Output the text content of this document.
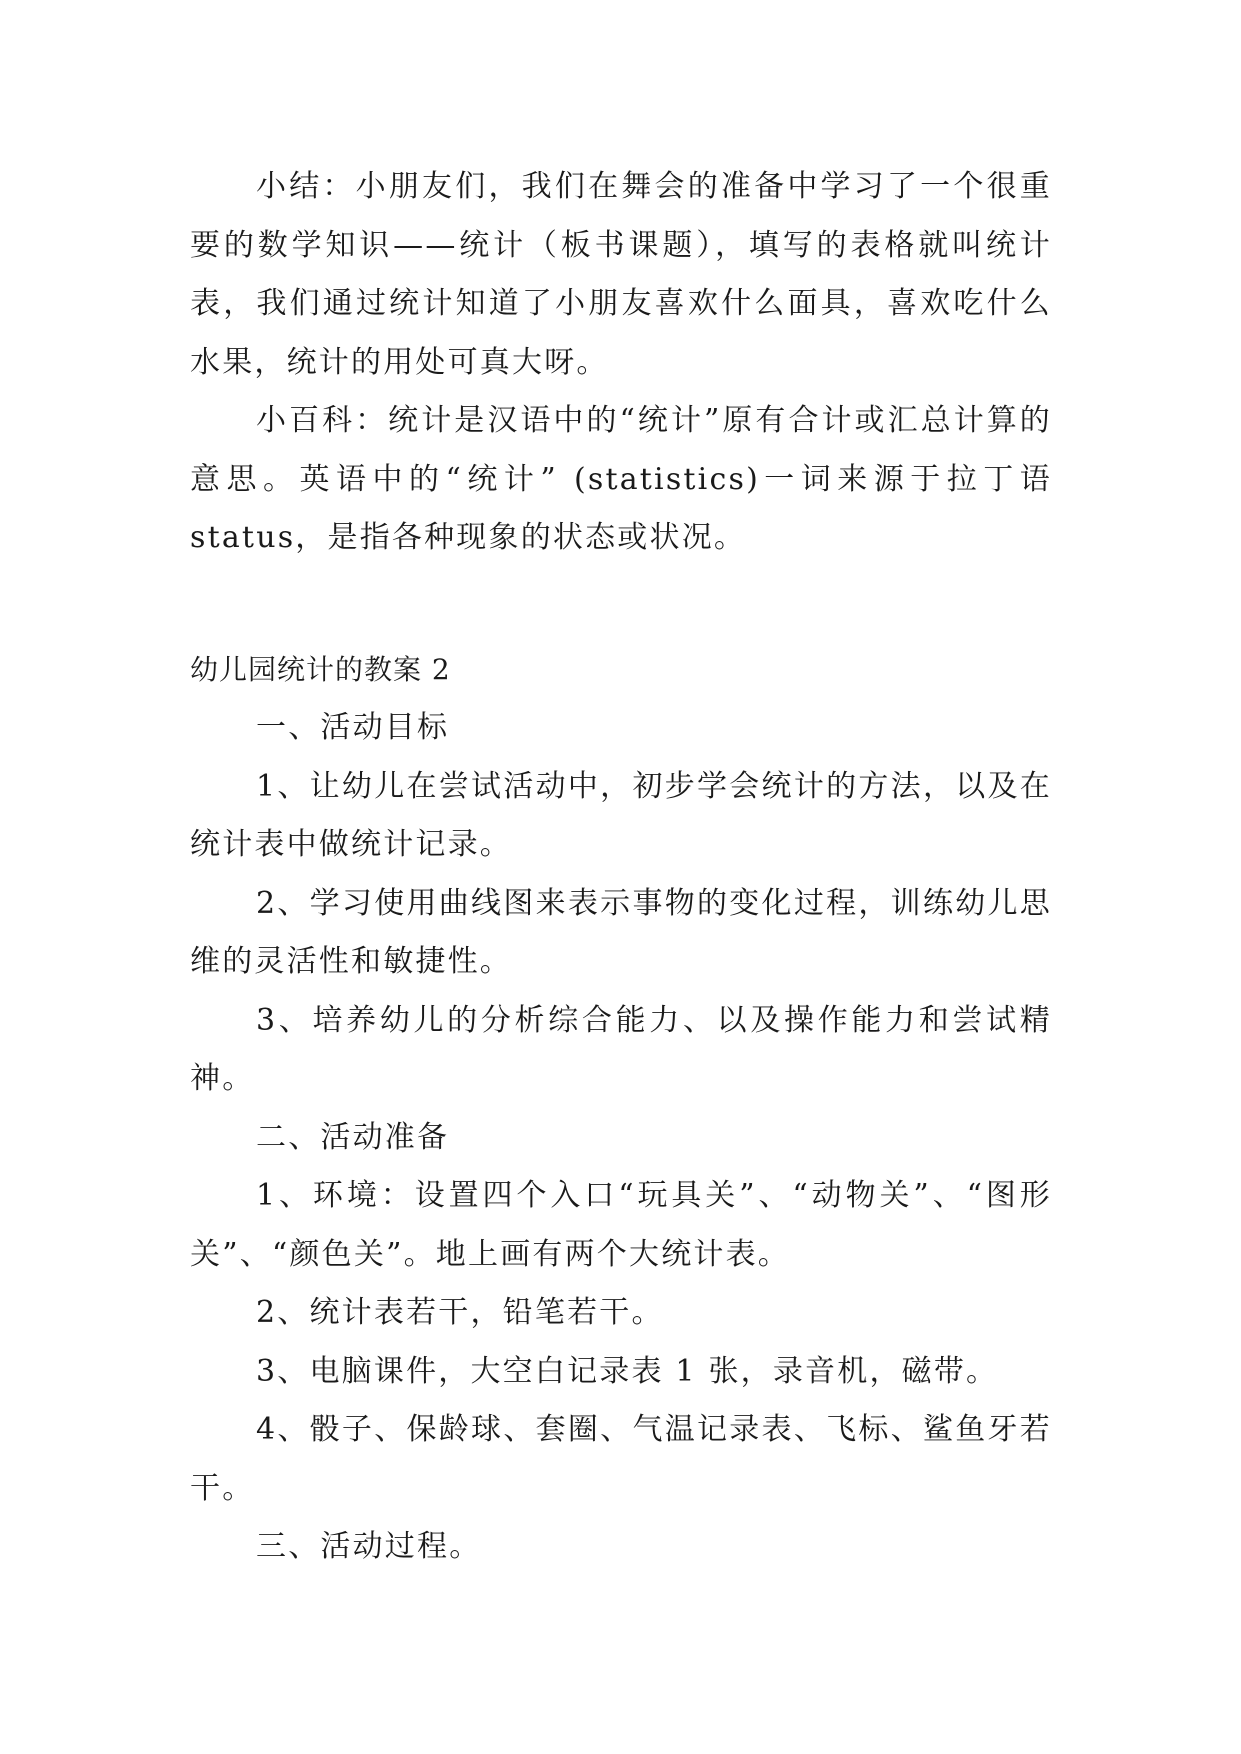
小结：小朋友们，我们在舞会的准备中学习了一个很重要的数学知识——统计（板书课题），填写的表格就叫统计表，我们通过统计知道了小朋友喜欢什么面具，喜欢吃什么水果，统计的用处可真大呀。

小百科：统计是汉语中的“统计”原有合计或汇总计算的意思。英语中的“统计” (statistics)一词来源于拉丁语 status，是指各种现象的状态或状况。

幼儿园统计的教案 2

一、活动目标

1、让幼儿在尝试活动中，初步学会统计的方法，以及在统计表中做统计记录。

2、学习使用曲线图来表示事物的变化过程，训练幼儿思维的灵活性和敏捷性。

3、培养幼儿的分析综合能力、以及操作能力和尝试精神。

二、活动准备

1、环境：设置四个入口“玩具关”、“动物关”、“图形关”、“颜色关”。地上画有两个大统计表。

2、统计表若干，铅笔若干。

3、电脑课件，大空白记录表 1 张，录音机，磁带。

4、骰子、保龄球、套圈、气温记录表、飞标、鲨鱼牙若干。

三、活动过程。
